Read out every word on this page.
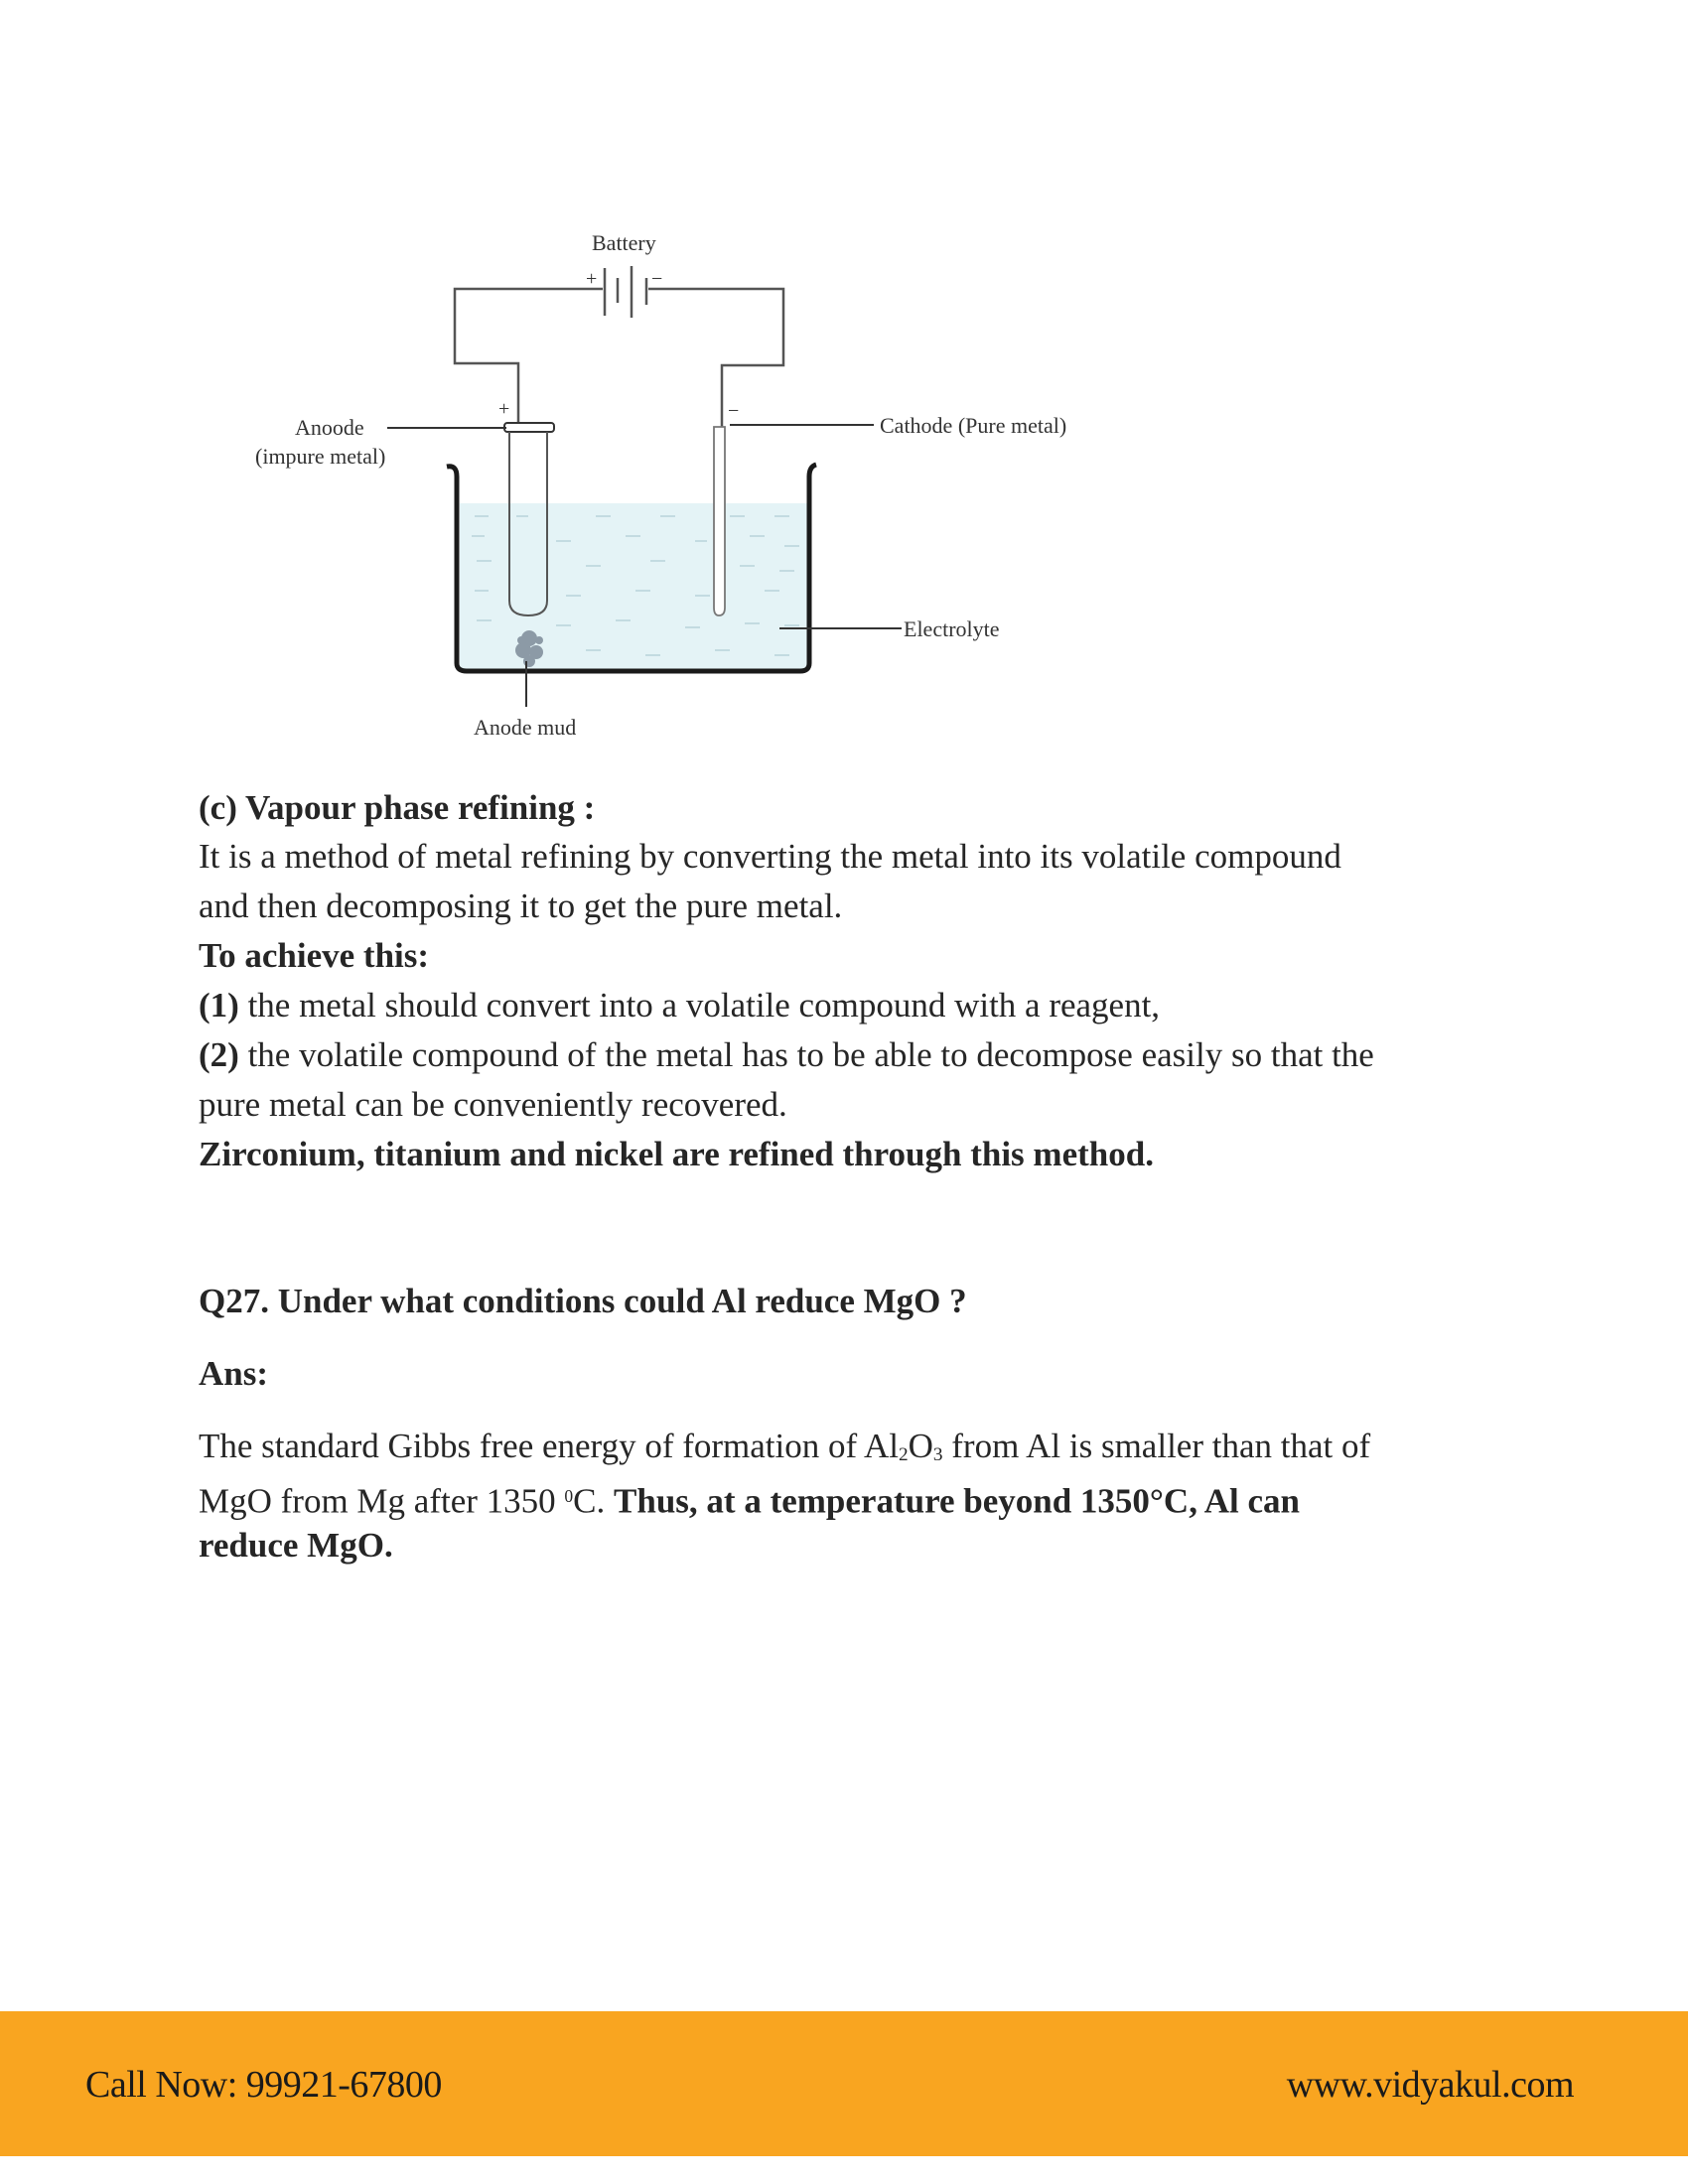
Battery
+	−
+	−
Anode mud
Anoode
(impure metal)
Cathode (Pure metal)
Electrolyte
(c) Vapour phase refining :
It is a method of metal refining by converting the metal into its volatile compound
and then decomposing it to get the pure metal.
To achieve this:
(1) the metal should convert into a volatile compound with a reagent,
(2) the volatile compound of the metal has to be able to decompose easily so that the
pure metal can be conveniently recovered.
Zirconium, titanium and nickel are refined through this method.
Q27. Under what conditions could Al reduce MgO ?
Ans:
The standard Gibbs free energy of formation of $Al_2O_3$ from Al is smaller than that of
MgO from Mg after 1350 $^0$C. Thus, at a temperature beyond 1350°C, Al can
reduce MgO.
Call Now: 99921-67800	www.vidyakul.com
